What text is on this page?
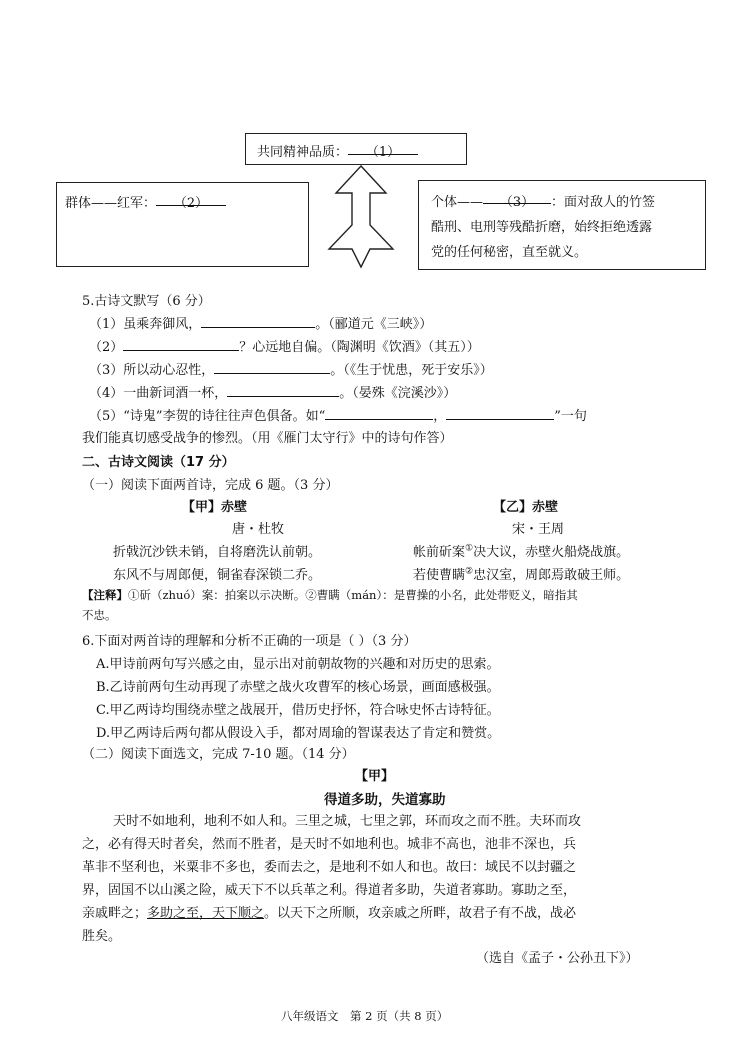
共同精神品质： （1）
群体——红军： （2）	个体—— （3） ：面对敌人的竹签
酷刑、电刑等残酷折磨，始终拒绝透露
党的任何秘密，直至就义。
5.古诗文默写（6 分）
（1）虽乘奔御风，	。（郦道元《三峡》）
（2）	？心远地自偏。（陶渊明《饮酒》（其五））
（3）所以动心忍性，	。（《生于忧患，死于安乐》）
（4）一曲新词酒一杯，	。（晏殊《浣溪沙》）
（5）“诗鬼”李贺的诗往往声色俱备。如“	，	”一句
我们能真切感受战争的惨烈。（用《雁门太守行》中的诗句作答）
二、古诗文阅读（17 分）
（一）阅读下面两首诗，完成 6 题。（3 分）
【甲】赤壁
唐・杜牧
折戟沉沙铁未销，自将磨洗认前朝。
东风不与周郎便，铜雀春深锁二乔。
【乙】赤壁
宋・王周
帐前斫案①决大议，赤壁火船烧战旗。
若使曹瞒②忠汉室，周郎焉敢破王师。
【注释】①斫（zhuó）案：拍案以示决断。②曹瞒（mán）：是曹操的小名，此处带贬义，暗指其
不忠。
6.下面对两首诗的理解和分析不正确的一项是（ ）（3 分）
A.甲诗前两句写兴感之由，显示出对前朝故物的兴趣和对历史的思索。
B.乙诗前两句生动再现了赤壁之战火攻曹军的核心场景，画面感极强。
C.甲乙两诗均围绕赤壁之战展开，借历史抒怀，符合咏史怀古诗特征。
D.甲乙两诗后两句都从假设入手，都对周瑜的智谋表达了肯定和赞赏。
（二）阅读下面选文，完成 7-10 题。（14 分）
【甲】
得道多助，失道寡助
天时不如地利，地利不如人和。三里之城，七里之郭，环而攻之而不胜。夫环而攻
之，必有得天时者矣，然而不胜者，是天时不如地利也。城非不高也，池非不深也，兵
革非不坚利也，米粟非不多也，委而去之，是地利不如人和也。故曰：域民不以封疆之
界，固国不以山溪之险，威天下不以兵革之利。得道者多助，失道者寡助。寡助之至，
亲戚畔之；多助之至，天下顺之。以天下之所顺，攻亲戚之所畔，故君子有不战，战必
胜矣。
（选自《孟子・公孙丑下》）
八年级语文　第 2 页（共 8 页）
